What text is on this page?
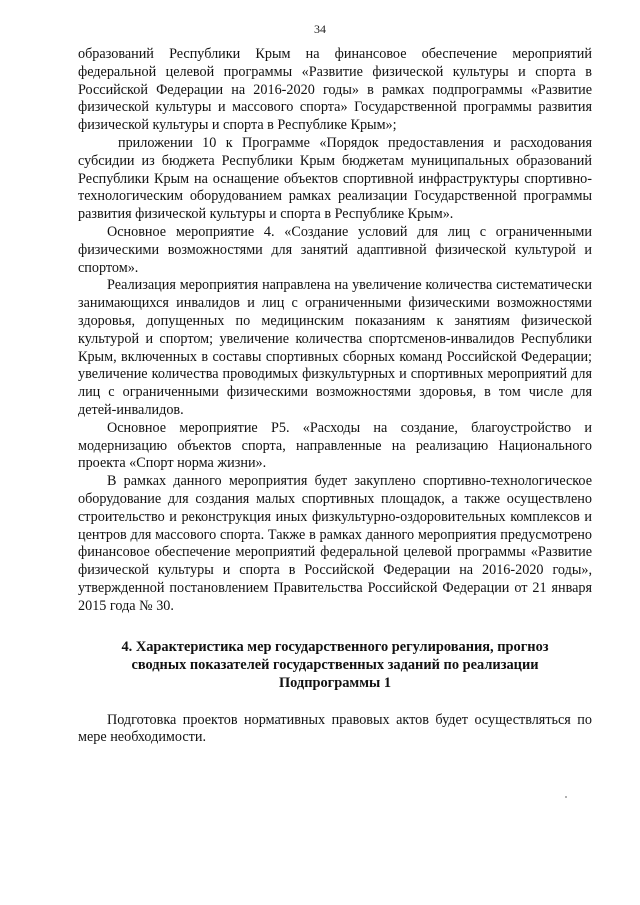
34

образований Республики Крым на финансовое обеспечение мероприятий федеральной целевой программы «Развитие физической культуры и спорта в Российской Федерации на 2016-2020 годы» в рамках подпрограммы «Развитие физической культуры и массового спорта» Государственной программы развития физической культуры и спорта в Республике Крым»;

приложении 10 к Программе «Порядок предоставления и расходования субсидии из бюджета Республики Крым бюджетам муниципальных образований Республики Крым на оснащение объектов спортивной инфраструктуры спортивно-технологическим оборудованием рамках реализации Государственной программы развития физической культуры и спорта в Республике Крым».

Основное мероприятие 4. «Создание условий для лиц с ограниченными физическими возможностями для занятий адаптивной физической культурой и спортом».

Реализация мероприятия направлена на увеличение количества систематически занимающихся инвалидов и лиц с ограниченными физическими возможностями здоровья, допущенных по медицинским показаниям к занятиям физической культурой и спортом; увеличение количества спортсменов-инвалидов Республики Крым, включенных в составы спортивных сборных команд Российской Федерации; увеличение количества проводимых физкультурных и спортивных мероприятий для лиц с ограниченными физическими возможностями здоровья, в том числе для детей-инвалидов.

Основное мероприятие Р5. «Расходы на создание, благоустройство и модернизацию объектов спорта, направленные на реализацию Национального проекта «Спорт норма жизни».

В рамках данного мероприятия будет закуплено спортивно-технологическое оборудование для создания малых спортивных площадок, а также осуществлено строительство и реконструкция иных физкультурно-оздоровительных комплексов и центров для массового спорта. Также в рамках данного мероприятия предусмотрено финансовое обеспечение мероприятий федеральной целевой программы «Развитие физической культуры и спорта в Российской Федерации на 2016-2020 годы», утвержденной постановлением Правительства Российской Федерации от 21 января 2015 года № 30.

4. Характеристика мер государственного регулирования, прогноз
сводных показателей государственных заданий по реализации
Подпрограммы 1

Подготовка проектов нормативных правовых актов будет осуществляться по мере необходимости.
